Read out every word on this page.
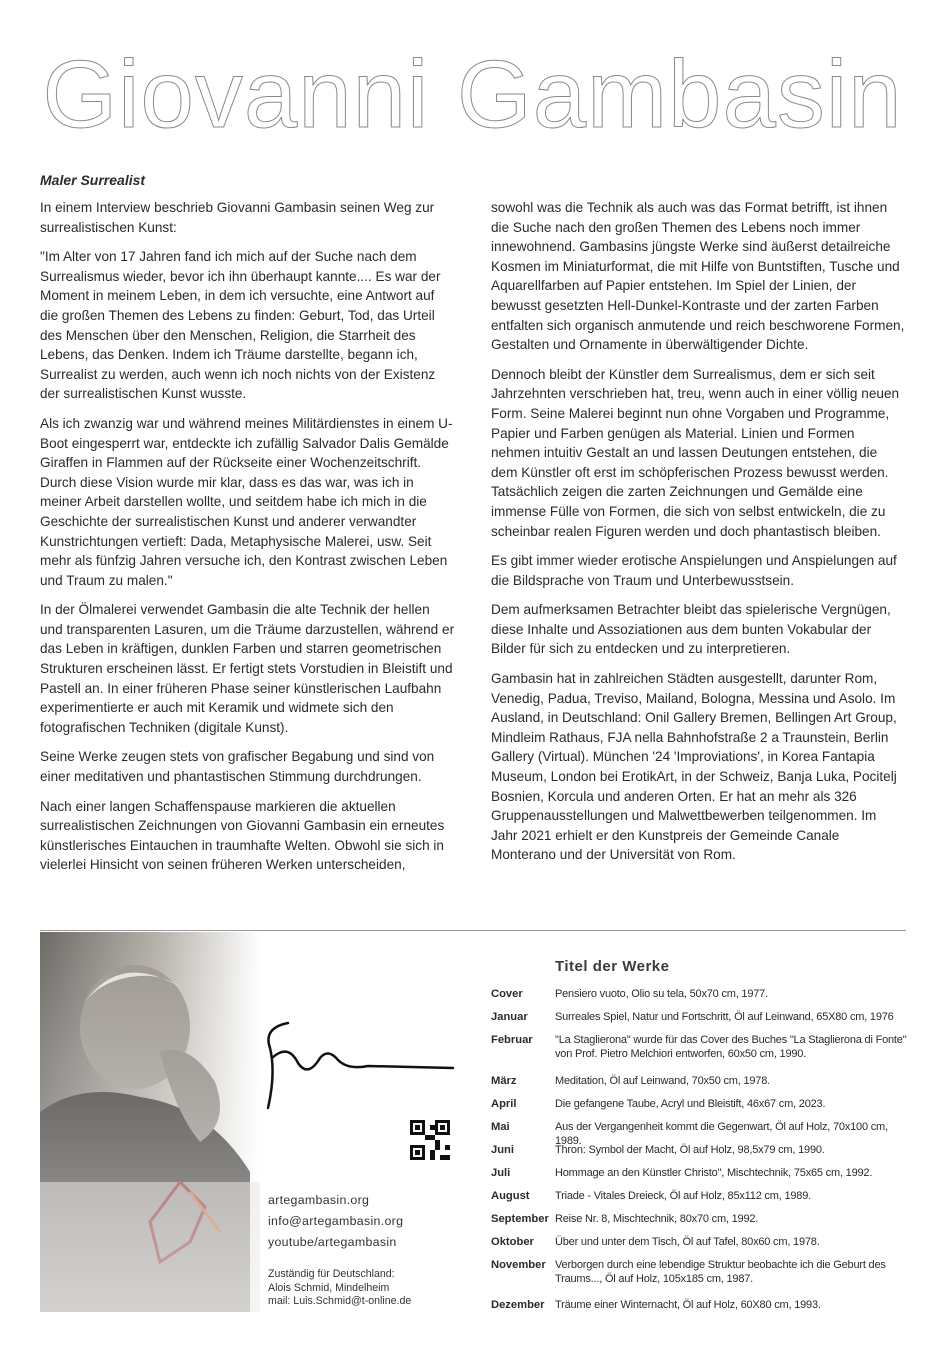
Giovanni Gambasin
Maler Surrealist

In einem Interview beschrieb Giovanni Gambasin seinen Weg zur surrealistischen Kunst:

"Im Alter von 17 Jahren fand ich mich auf der Suche nach dem Surrealismus wieder, bevor ich ihn überhaupt kannte.... Es war der Moment in meinem Leben, in dem ich versuchte, eine Antwort auf die großen Themen des Lebens zu finden: Geburt, Tod, das Urteil des Menschen über den Menschen, Religion, die Starrheit des Lebens, das Denken. Indem ich Träume darstellte, begann ich, Surrealist zu werden, auch wenn ich noch nichts von der Existenz der surrealistischen Kunst wusste.

Als ich zwanzig war und während meines Militärdienstes in einem U-Boot eingesperrt war, entdeckte ich zufällig Salvador Dalis Gemälde Giraffen in Flammen auf der Rückseite einer Wochenzeitschrift. Durch diese Vision wurde mir klar, dass es das war, was ich in meiner Arbeit darstellen wollte, und seitdem habe ich mich in die Geschichte der surrealistischen Kunst und anderer verwandter Kunstrichtungen vertieft: Dada, Metaphysische Malerei, usw. Seit mehr als fünfzig Jahren versuche ich, den Kontrast zwischen Leben und Traum zu malen."

In der Ölmalerei verwendet Gambasin die alte Technik der hellen und transparenten Lasuren, um die Träume darzustellen, während er das Leben in kräftigen, dunklen Farben und starren geometrischen Strukturen erscheinen lässt. Er fertigt stets Vorstudien in Bleistift und Pastell an. In einer früheren Phase seiner künstlerischen Laufbahn experimentierte er auch mit Keramik und widmete sich den fotografischen Techniken (digitale Kunst).

Seine Werke zeugen stets von grafischer Begabung und sind von einer meditativen und phantastischen Stimmung durchdrungen.

Nach einer langen Schaffenspause markieren die aktuellen surrealistischen Zeichnungen von Giovanni Gambasin ein erneutes künstlerisches Eintauchen in traumhafte Welten. Obwohl sie sich in vielerlei Hinsicht von seinen früheren Werken unterscheiden,

sowohl was die Technik als auch was das Format betrifft, ist ihnen die Suche nach den großen Themen des Lebens noch immer innewohnend. Gambasins jüngste Werke sind äußerst detailreiche Kosmen im Miniaturformat, die mit Hilfe von Buntstiften, Tusche und Aquarellfarben auf Papier entstehen. Im Spiel der Linien, der bewusst gesetzten Hell-Dunkel-Kontraste und der zarten Farben entfalten sich organisch anmutende und reich beschworene Formen, Gestalten und Ornamente in überwältigender Dichte.

Dennoch bleibt der Künstler dem Surrealismus, dem er sich seit Jahrzehnten verschrieben hat, treu, wenn auch in einer völlig neuen Form. Seine Malerei beginnt nun ohne Vorgaben und Programme, Papier und Farben genügen als Material. Linien und Formen nehmen intuitiv Gestalt an und lassen Deutungen entstehen, die dem Künstler oft erst im schöpferischen Prozess bewusst werden. Tatsächlich zeigen die zarten Zeichnungen und Gemälde eine immense Fülle von Formen, die sich von selbst entwickeln, die zu scheinbar realen Figuren werden und doch phantastisch bleiben.

Es gibt immer wieder erotische Anspielungen und Anspielungen auf die Bildsprache von Traum und Unterbewusstsein.

Dem aufmerksamen Betrachter bleibt das spielerische Vergnügen, diese Inhalte und Assoziationen aus dem bunten Vokabular der Bilder für sich zu entdecken und zu interpretieren.

Gambasin hat in zahlreichen Städten ausgestellt, darunter Rom, Venedig, Padua, Treviso, Mailand, Bologna, Messina und Asolo. Im Ausland, in Deutschland: Onil Gallery Bremen, Bellingen Art Group, Mindleim Rathaus, FJA nella Bahnhofstraße 2 a Traunstein, Berlin Gallery (Virtual). München '24 'Improviations', in Korea Fantapia Museum, London bei ErotikArt, in der Schweiz, Banja Luka, Pocitelj Bosnien, Korcula und anderen Orten. Er hat an mehr als 326 Gruppenausstellungen und Malwettbewerben teilgenommen. Im Jahr 2021 erhielt er den Kunstpreis der Gemeinde Canale Monterano und der Universität von Rom.

artegambasin.org
info@artegambasin.org
youtube/artegambasin
Zuständig für Deutschland:
Alois Schmid, Mindelheim
mail: Luis.Schmid@t-online.de
Titel der Werke
Cover	Pensiero vuoto, Olio su tela, 50x70 cm, 1977.
Januar	Surreales Spiel, Natur und Fortschritt, Öl auf Leinwand, 65X80 cm, 1976
Februar	"La Staglierona" wurde für das Cover des Buches "La Staglierona di Fonte" von Prof. Pietro Melchiori entworfen, 60x50 cm, 1990.
März	Meditation, Öl auf Leinwand, 70x50 cm, 1978.
April	Die gefangene Taube, Acryl und Bleistift, 46x67 cm, 2023.
Mai	Aus der Vergangenheit kommt die Gegenwart, Öl auf Holz, 70x100 cm, 1989.
Juni	Thron: Symbol der Macht, Öl auf Holz, 98,5x79 cm, 1990.
Juli	Hommage an den Künstler Christo", Mischtechnik, 75x65 cm, 1992.
August	Triade - Vitales Dreieck, Öl auf Holz, 85x112 cm, 1989.
September Reise Nr. 8, Mischtechnik, 80x70 cm, 1992.
Oktober	Über und unter dem Tisch, Öl auf Tafel, 80x60 cm, 1978.
November Verborgen durch eine lebendige Struktur beobachte ich die Geburt des Traums..., Öl auf Holz, 105x185 cm, 1987.
Dezember Träume einer Winternacht, Öl auf Holz, 60X80 cm, 1993.
